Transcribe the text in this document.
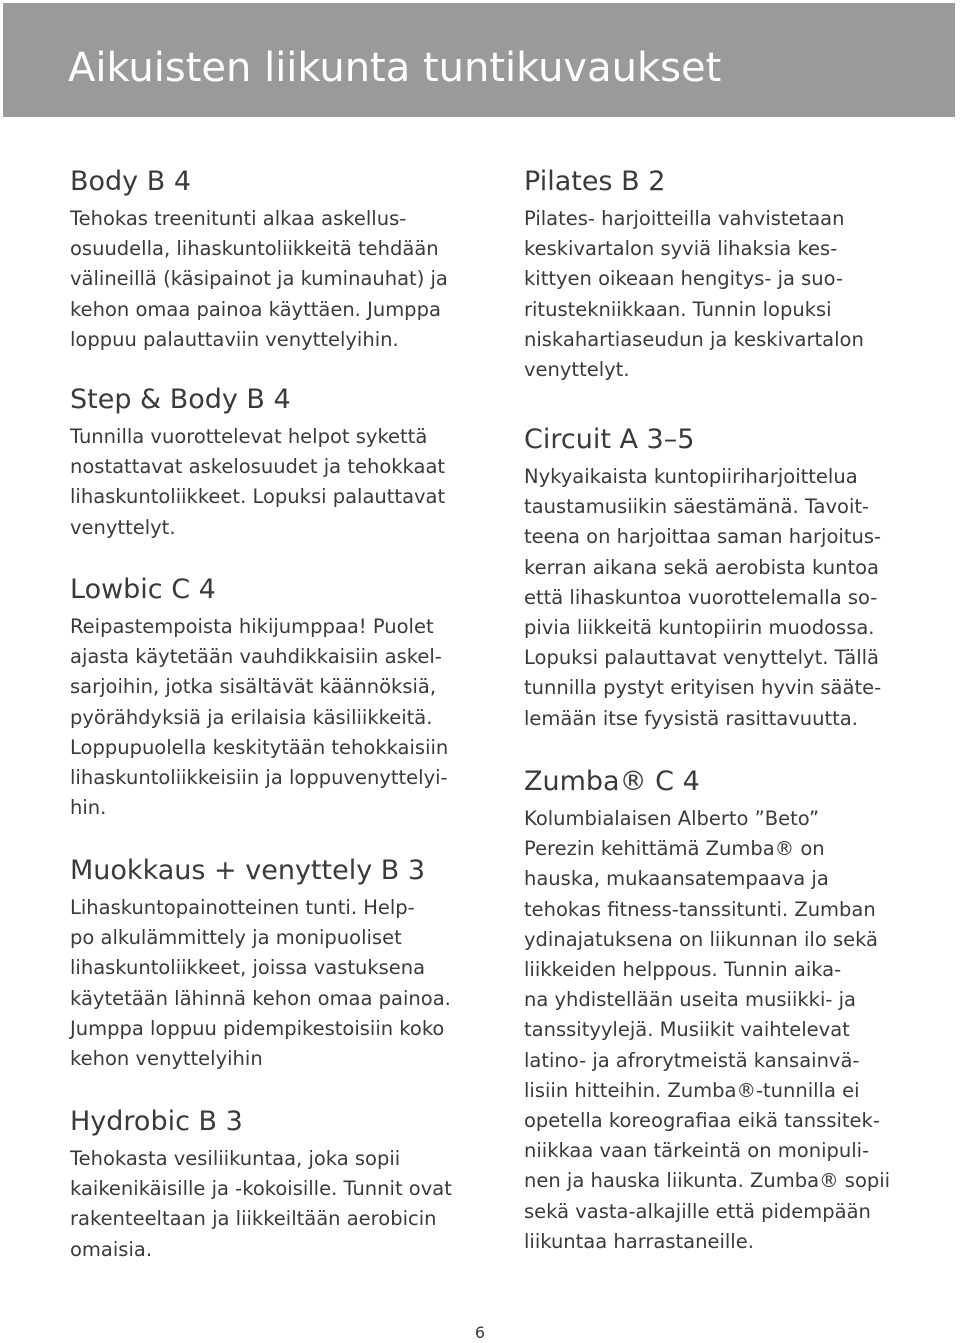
Aikuisten liikunta tuntikuvaukset
Body B 4
Tehokas treenitunti alkaa askellus-
osuudella, lihaskuntoliikkeitä tehdään
välineillä (käsipainot ja kuminauhat) ja
kehon omaa painoa käyttäen. Jumppa
loppuu palauttaviin venyttelyihin.
Step & Body B 4
Tunnilla vuorottelevat helpot sykettä
nostattavat askelosuudet ja tehokkaat
lihaskuntoliikkeet. Lopuksi palauttavat
venyttelyt.
Lowbic C 4
Reipastempoista hikijumppaa! Puolet
ajasta käytetään vauhdikkaisiin askel-
sarjoihin, jotka sisältävät käännöksiä,
pyörähdyksiä ja erilaisia käsiliikkeitä.
Loppupuolella keskitytään tehokkaisiin
lihaskuntoliikkeisiin ja loppuvenyttelyi-
hin.
Muokkaus + venyttely B 3
Lihaskuntopainotteinen tunti. Help-
po alkulämmittely ja monipuoliset
lihaskuntoliikkeet, joissa vastuksena
käytetään lähinnä kehon omaa painoa.
Jumppa loppuu pidempikestoisiin koko
kehon venyttelyihin
Hydrobic B 3
Tehokasta vesiliikuntaa, joka sopii
kaikenikäisille ja -kokoisille. Tunnit ovat
rakenteeltaan ja liikkeiltään aerobicin
omaisia.
Pilates B 2
Pilates- harjoitteilla vahvistetaan
keskivartalon syviä lihaksia kes-
kittyen oikeaan hengitys- ja suo-
ritustekniikkaan. Tunnin lopuksi
niskahartiaseudun ja keskivartalon
venyttelyt.
Circuit A 3–5
Nykyaikaista kuntopiiriharjoittelua
taustamusiikin säestämänä. Tavoit-
teena on harjoittaa saman harjoitus-
kerran aikana sekä aerobista kuntoa
että lihaskuntoa vuorottelemalla so-
pivia liikkeitä kuntopiirin muodossa.
Lopuksi palauttavat venyttelyt. Tällä
tunnilla pystyt erityisen hyvin sääte-
lemään itse fyysistä rasittavuutta.
Zumba® C 4
Kolumbialaisen Alberto ”Beto”
Perezin kehittämä Zumba® on
hauska, mukaansatempaava ja
tehokas fitness-tanssitunti. Zumban
ydinajatuksena on liikunnan ilo sekä
liikkeiden helppous. Tunnin aika-
na yhdistellään useita musiikki- ja
tanssityylejä. Musiikit vaihtelevat
latino- ja afrorytmeistä kansainvä-
lisiin hitteihin. Zumba®-tunnilla ei
opetella koreografiaa eikä tanssitek-
niikkaa vaan tärkeintä on monipuli-
nen ja hauska liikunta. Zumba® sopii
sekä vasta-alkajille että pidempään
liikuntaa harrastaneille.
6
